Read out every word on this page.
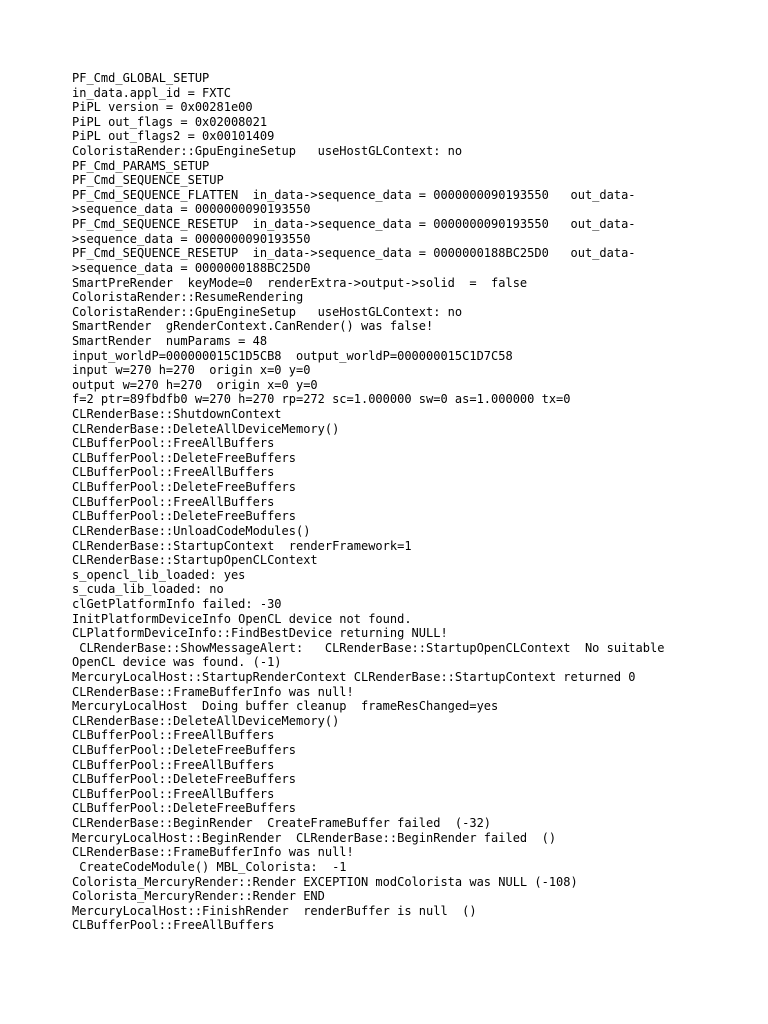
PF_Cmd_GLOBAL_SETUP
in_data.appl_id = FXTC
PiPL version = 0x00281e00
PiPL out_flags = 0x02008021
PiPL out_flags2 = 0x00101409
ColoristaRender::GpuEngineSetup   useHostGLContext: no
PF_Cmd_PARAMS_SETUP
PF_Cmd_SEQUENCE_SETUP
PF_Cmd_SEQUENCE_FLATTEN  in_data->sequence_data = 0000000090193550   out_data-
>sequence_data = 0000000090193550
PF_Cmd_SEQUENCE_RESETUP  in_data->sequence_data = 0000000090193550   out_data-
>sequence_data = 0000000090193550
PF_Cmd_SEQUENCE_RESETUP  in_data->sequence_data = 0000000188BC25D0   out_data-
>sequence_data = 0000000188BC25D0
SmartPreRender  keyMode=0  renderExtra->output->solid  =  false
ColoristaRender::ResumeRendering
ColoristaRender::GpuEngineSetup   useHostGLContext: no
SmartRender  gRenderContext.CanRender() was false!
SmartRender  numParams = 48
input_worldP=000000015C1D5CB8  output_worldP=000000015C1D7C58
input w=270 h=270  origin x=0 y=0
output w=270 h=270  origin x=0 y=0
f=2 ptr=89fbdfb0 w=270 h=270 rp=272 sc=1.000000 sw=0 as=1.000000 tx=0
CLRenderBase::ShutdownContext
CLRenderBase::DeleteAllDeviceMemory()
CLBufferPool::FreeAllBuffers
CLBufferPool::DeleteFreeBuffers
CLBufferPool::FreeAllBuffers
CLBufferPool::DeleteFreeBuffers
CLBufferPool::FreeAllBuffers
CLBufferPool::DeleteFreeBuffers
CLRenderBase::UnloadCodeModules()
CLRenderBase::StartupContext  renderFramework=1
CLRenderBase::StartupOpenCLContext
s_opencl_lib_loaded: yes
s_cuda_lib_loaded: no
clGetPlatformInfo failed: -30
InitPlatformDeviceInfo OpenCL device not found.
CLPlatformDeviceInfo::FindBestDevice returning NULL!
CLRenderBase::ShowMessageAlert:   CLRenderBase::StartupOpenCLContext  No suitable
OpenCL device was found. (-1)
MercuryLocalHost::StartupRenderContext CLRenderBase::StartupContext returned 0
CLRenderBase::FrameBufferInfo was null!
MercuryLocalHost  Doing buffer cleanup  frameResChanged=yes
CLRenderBase::DeleteAllDeviceMemory()
CLBufferPool::FreeAllBuffers
CLBufferPool::DeleteFreeBuffers
CLBufferPool::FreeAllBuffers
CLBufferPool::DeleteFreeBuffers
CLBufferPool::FreeAllBuffers
CLBufferPool::DeleteFreeBuffers
CLRenderBase::BeginRender  CreateFrameBuffer failed  (-32)
MercuryLocalHost::BeginRender  CLRenderBase::BeginRender failed  ()
CLRenderBase::FrameBufferInfo was null!
CreateCodeModule() MBL_Colorista:  -1
Colorista_MercuryRender::Render EXCEPTION modColorista was NULL (-108)
Colorista_MercuryRender::Render END
MercuryLocalHost::FinishRender  renderBuffer is null  ()
CLBufferPool::FreeAllBuffers
